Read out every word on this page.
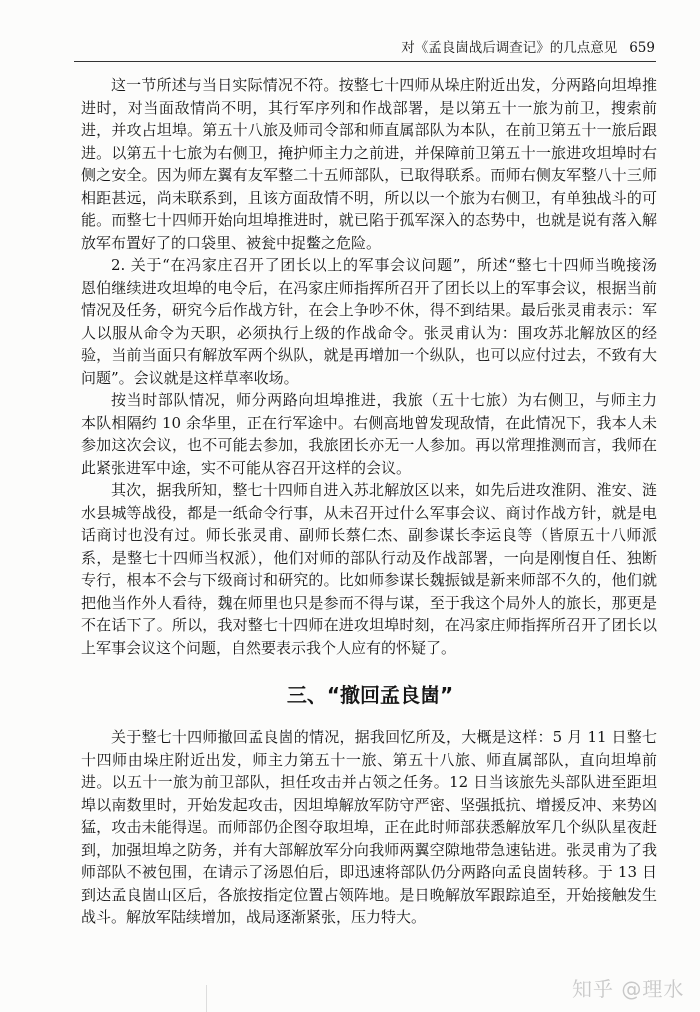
对《孟良崮战后调查记》的几点意见 659
这一节所述与当日实际情况不符。按整七十四师从垛庄附近出发，分两路向坦埠推
进时，对当面敌情尚不明，其行军序列和作战部署，是以第五十一旅为前卫，搜索前
进，并攻占坦埠。第五十八旅及师司令部和师直属部队为本队，在前卫第五十一旅后跟
进。以第五十七旅为右侧卫，掩护师主力之前进，并保障前卫第五十一旅进攻坦埠时右
侧之安全。因为师左翼有友军整二十五师部队，已取得联系。而师右侧友军整八十三师
相距甚远，尚未联系到，且该方面敌情不明，所以以一个旅为右侧卫，有单独战斗的可
能。而整七十四师开始向坦埠推进时，就已陷于孤军深入的态势中，也就是说有落入解
放军布置好了的口袋里、被瓮中捉鳖之危险。
2. 关于“在冯家庄召开了团长以上的军事会议问题”，所述“整七十四师当晚接汤
恩伯继续进攻坦埠的电令后，在冯家庄师指挥所召开了团长以上的军事会议，根据当前
情况及任务，研究今后作战方针，在会上争吵不休，得不到结果。最后张灵甫表示：军
人以服从命令为天职，必须执行上级的作战命令。张灵甫认为：围攻苏北解放区的经
验，当前当面只有解放军两个纵队，就是再增加一个纵队，也可以应付过去，不致有大
问题”。会议就是这样草率收场。
按当时部队情况，师分两路向坦埠推进，我旅（五十七旅）为右侧卫，与师主力
本队相隔约 10 余华里，正在行军途中。右侧高地曾发现敌情，在此情况下，我本人未
参加这次会议，也不可能去参加，我旅团长亦无一人参加。再以常理推测而言，我师在
此紧张进军中途，实不可能从容召开这样的会议。
其次，据我所知，整七十四师自进入苏北解放区以来，如先后进攻淮阴、淮安、涟
水县城等战役，都是一纸命令行事，从未召开过什么军事会议、商讨作战方针，就是电
话商讨也没有过。师长张灵甫、副师长蔡仁杰、副参谋长李运良等（皆原五十八师派
系，是整七十四师当权派），他们对师的部队行动及作战部署，一向是刚愎自任、独断
专行，根本不会与下级商讨和研究的。比如师参谋长魏振钺是新来师部不久的，他们就
把他当作外人看待，魏在师里也只是参而不得与谋，至于我这个局外人的旅长，那更是
不在话下了。所以，我对整七十四师在进攻坦埠时刻，在冯家庄师指挥所召开了团长以
上军事会议这个问题，自然要表示我个人应有的怀疑了。
三、“撤回孟良崮”
关于整七十四师撤回孟良崮的情况，据我回忆所及，大概是这样：5 月 11 日整七
十四师由垛庄附近出发，师主力第五十一旅、第五十八旅、师直属部队，直向坦埠前
进。以五十一旅为前卫部队，担任攻击并占领之任务。12 日当该旅先头部队进至距坦
埠以南数里时，开始发起攻击，因坦埠解放军防守严密、坚强抵抗、增援反冲、来势凶
猛，攻击未能得逞。而师部仍企图夺取坦埠，正在此时师部获悉解放军几个纵队星夜赶
到，加强坦埠之防务，并有大部解放军分向我师两翼空隙地带急速钻进。张灵甫为了我
师部队不被包围，在请示了汤恩伯后，即迅速将部队仍分两路向孟良崮转移。于 13 日
到达孟良崮山区后，各旅按指定位置占领阵地。是日晚解放军跟踪追至，开始接触发生
战斗。解放军陆续增加，战局逐渐紧张，压力特大。
知乎 @理水
